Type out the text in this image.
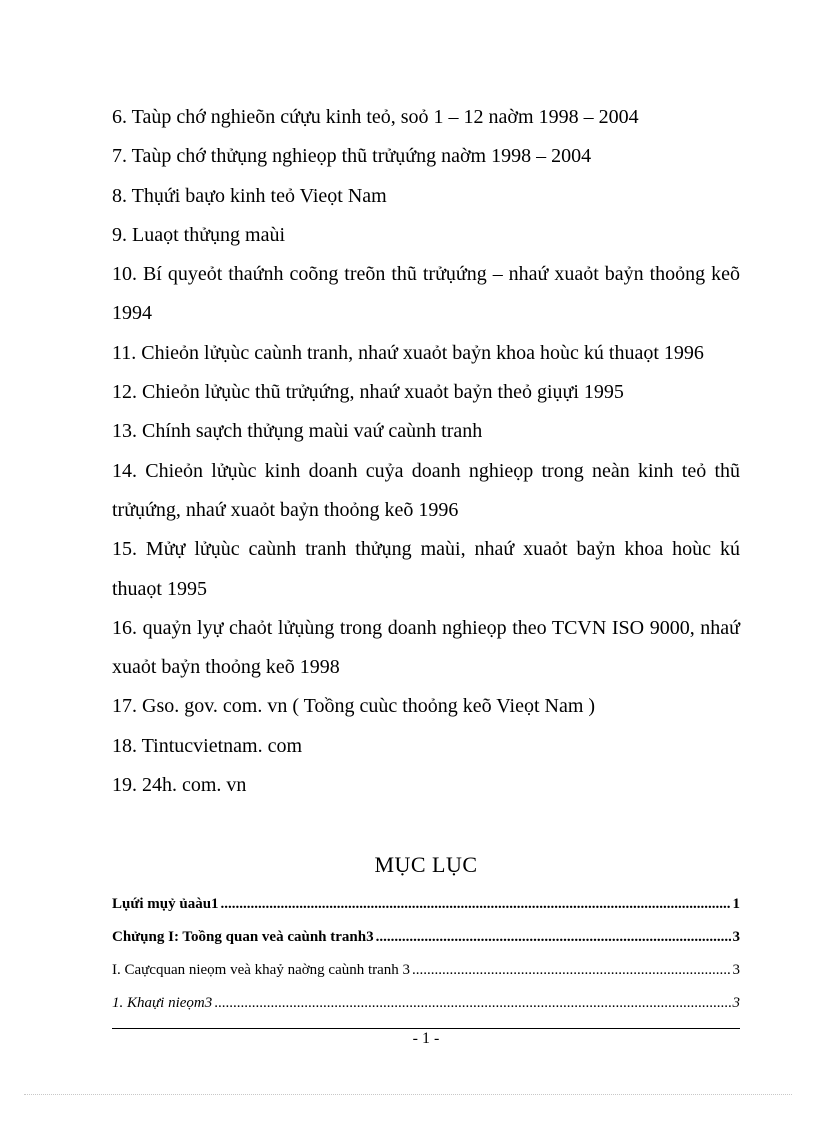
6. Taùp chớ nghieõn cứựu kinh teỏ, soỏ 1 – 12 naờm 1998 – 2004
7. Taùp chớ thửụng nghieọp thũ trửụứng naờm 1998 – 2004
8. Thụứi baựo kinh teỏ Vieọt Nam
9. Luaọt thửụng maùi
10. Bí quyeỏt thaứnh coõng treõn thũ trửụứng – nhaứ xuaỏt baỷn thoỏng keõ 1994
11. Chieỏn lửụùc caùnh tranh, nhaứ xuaỏt baỷn khoa hoùc kú thuaọt 1996
12. Chieỏn lửụùc thũ trửụứng, nhaứ xuaỏt baỷn theỏ giụựi 1995
13. Chính saựch thửụng maùi vaứ caùnh tranh
14. Chieỏn lửụùc kinh doanh cuỷa doanh nghieọp trong neàn kinh teỏ thũ trửụứng, nhaứ xuaỏt baỷn thoỏng keõ 1996
15. Mửự lửụùc caùnh tranh thửụng maùi, nhaứ xuaỏt baỷn khoa hoùc kú thuaọt 1995
16. quaỷn lyự chaỏt lửụùng trong doanh nghieọp theo TCVN ISO 9000, nhaứ xuaỏt baỷn thoỏng keõ 1998
17. Gso. gov. com. vn ( Toồng cuùc thoỏng keõ Vieọt Nam )
18. Tintucvietnam. com
19. 24h. com. vn
MỤC LỤC
Lụứi mụỷ ủaàu1 .....	1
Chửụng I: Toồng quan veà caùnh tranh3 .....	3
I. Caựcquan nieọm veà khaỷ naờng caùnh tranh 3 .....	3
1. Khaựi nieọm3 .....	3
- 1 -
